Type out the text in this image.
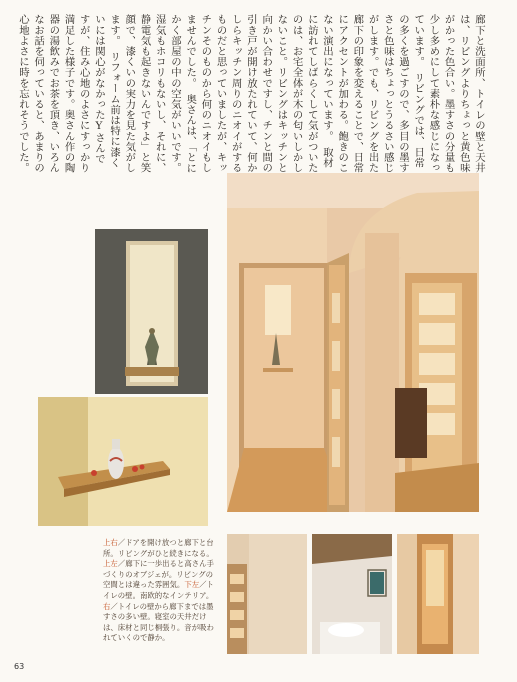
廊下と洗面所、トイレの壁と天井は、リビングよりちょっと黄色味がかった色合い。墨すさの分量も少し多めにして素朴な感じになっています。　リビングでは、日常の多くを過ごすので、多目の墨すさと色味はちょっとうるさい感じがします。でも、リビングを出た廊下の印象を変えることで、日常にアクセントが加わる。飽きのこない演出になっています。　取材に訪れてしばらくして気がついたのは、お宅全体が木の匂いしかしないこと。リビングはキッチンと向かい合わせですし、チンと間の引き戸が開け放たれていて、何かしらキッチン周りのニオイがするものだと思っていましたが、キッチンそのものから何のニオイもしませんでした。　奥さんは、「とにかく部屋の中の空気がいいです。湿気もホコリもないし、それに、静電気も起きないんですよ」と笑顔で、漆くいの実力を見た気がします。　リフォーム前は特に漆くいには関心がなかったYさんですが、住み心地のよさにすっかり満足した様子です。奥さん作の陶器の湯飲みでお茶を頂き、いろんなお話を伺っていると、あまりの心地よさに時を忘れそうでした。
上右／ドアを開け放つと廊下と台所。リビングがひと続きになる。上左／廊下に一歩出ると高さん手づくりのオブジェが。リビングの空間とは違った雰囲気。下左／トイレの壁。南欧的なインテリア。右／トイレの壁から廊下までは墨すさの多い壁。寝室の天井だけは、床材と同じ桐張り。音が吸われていくので静か。
63
